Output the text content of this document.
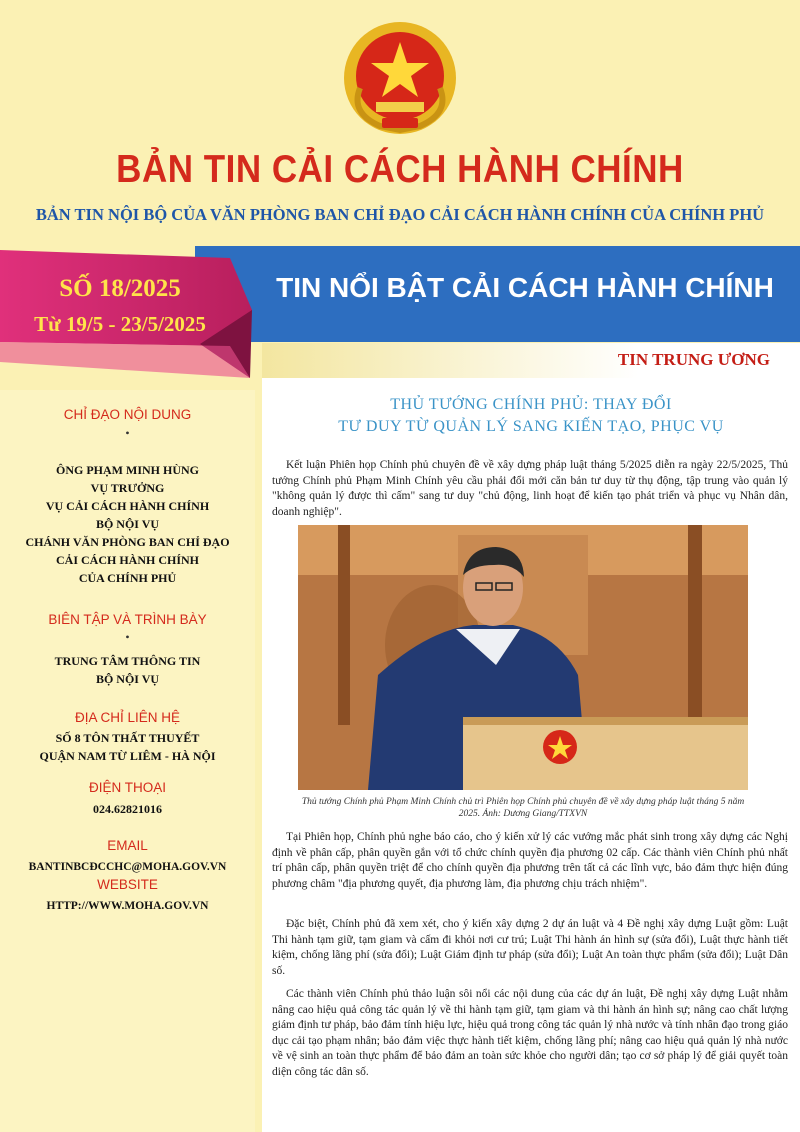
BẢN TIN CẢI CÁCH HÀNH CHÍNH
BẢN TIN NỘI BỘ CỦA VĂN PHÒNG BAN CHỈ ĐẠO CẢI CÁCH HÀNH CHÍNH CỦA CHÍNH PHỦ
TIN NỔI BẬT CẢI CÁCH HÀNH CHÍNH
SỐ 18/2025
Từ 19/5 - 23/5/2025
CHỈ ĐẠO NỘI DUNG
•
ÔNG PHẠM MINH HÙNG
VỤ TRƯỞNG
VỤ CẢI CÁCH HÀNH CHÍNH
BỘ NỘI VỤ
CHÁNH VĂN PHÒNG BAN CHỈ ĐẠO
CẢI CÁCH HÀNH CHÍNH
CỦA CHÍNH PHỦ
BIÊN TẬP VÀ TRÌNH BÀY
•
TRUNG TÂM THÔNG TIN
BỘ NỘI VỤ
ĐỊA CHỈ LIÊN HỆ
SỐ 8 TÔN THẤT THUYẾT
QUẬN NAM TỪ LIÊM - HÀ NỘI
ĐIỆN THOẠI
024.62821016
EMAIL
BANTINBCĐCCHC@MOHA.GOV.VN
WEBSITE
HTTP://WWW.MOHA.GOV.VN
TIN TRUNG ƯƠNG
THỦ TƯỚNG CHÍNH PHỦ: THAY ĐỔI
TƯ DUY TỪ QUẢN LÝ SANG KIẾN TẠO, PHỤC VỤ

Kết luận Phiên họp Chính phủ chuyên đề về xây dựng pháp luật tháng 5/2025 diễn ra ngày 22/5/2025, Thủ tướng Chính phủ Phạm Minh Chính yêu cầu phải đổi mới căn bản tư duy từ thụ động, tập trung vào quản lý "không quản lý được thì cấm" sang tư duy "chủ động, linh hoạt để kiến tạo phát triển và phục vụ Nhân dân, doanh nghiệp".

Thủ tướng Chính phủ Phạm Minh Chính chủ trì Phiên họp Chính phủ chuyên đề về xây dựng pháp luật tháng 5 năm 2025. Ảnh: Dương Giang/TTXVN

Tại Phiên họp, Chính phủ nghe báo cáo, cho ý kiến xử lý các vướng mắc phát sinh trong xây dựng các Nghị định về phân cấp, phân quyền gắn với tổ chức chính quyền địa phương 02 cấp. Các thành viên Chính phủ nhất trí phân cấp, phân quyền triệt để cho chính quyền địa phương trên tất cả các lĩnh vực, bảo đảm thực hiện đúng phương châm "địa phương quyết, địa phương làm, địa phương chịu trách nhiệm".

Đặc biệt, Chính phủ đã xem xét, cho ý kiến xây dựng 2 dự án luật và 4 Đề nghị xây dựng Luật gồm: Luật Thi hành tạm giữ, tạm giam và cấm đi khỏi nơi cư trú; Luật Thi hành án hình sự (sửa đổi), Luật thực hành tiết kiệm, chống lãng phí (sửa đổi); Luật Giám định tư pháp (sửa đổi); Luật An toàn thực phẩm (sửa đổi); Luật Dân số.

Các thành viên Chính phủ thảo luận sôi nổi các nội dung của các dự án luật, Đề nghị xây dựng Luật nhằm nâng cao hiệu quả công tác quản lý về thi hành tạm giữ, tạm giam và thi hành án hình sự; nâng cao chất lượng giám định tư pháp, bảo đảm tính hiệu lực, hiệu quả trong công tác quản lý nhà nước và tính nhân đạo trong giáo dục cải tạo phạm nhân; bảo đảm việc thực hành tiết kiệm, chống lãng phí; nâng cao hiệu quả quản lý nhà nước về vệ sinh an toàn thực phẩm để bảo đảm an toàn sức khỏe cho người dân; tạo cơ sở pháp lý để giải quyết toàn diện công tác dân số.
